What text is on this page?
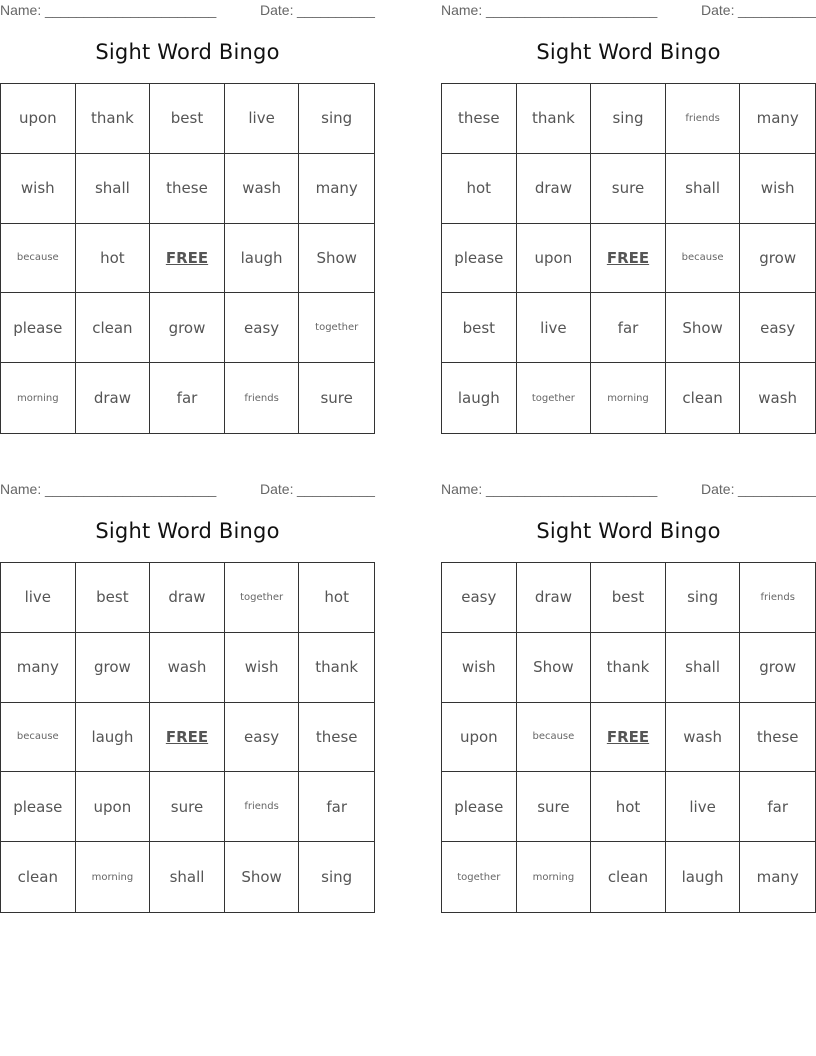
Name: ______________________	Date: __________
Sight Word Bingo
upon	thank	best	live	sing
wish	shall	these	wash	many
because	hot	FREE	laugh	Show
please	clean	grow	easy	together
morning	draw	far	friends	sure
Name: ______________________	Date: __________
Sight Word Bingo
these	thank	sing	friends	many
hot	draw	sure	shall	wish
please	upon	FREE	because	grow
best	live	far	Show	easy
laugh	together	morning	clean	wash
Name: ______________________	Date: __________
Sight Word Bingo
live	best	draw	together	hot
many	grow	wash	wish	thank
because	laugh	FREE	easy	these
please	upon	sure	friends	far
clean	morning	shall	Show	sing
Name: ______________________	Date: __________
Sight Word Bingo
easy	draw	best	sing	friends
wish	Show	thank	shall	grow
upon	because	FREE	wash	these
please	sure	hot	live	far
together	morning	clean	laugh	many
